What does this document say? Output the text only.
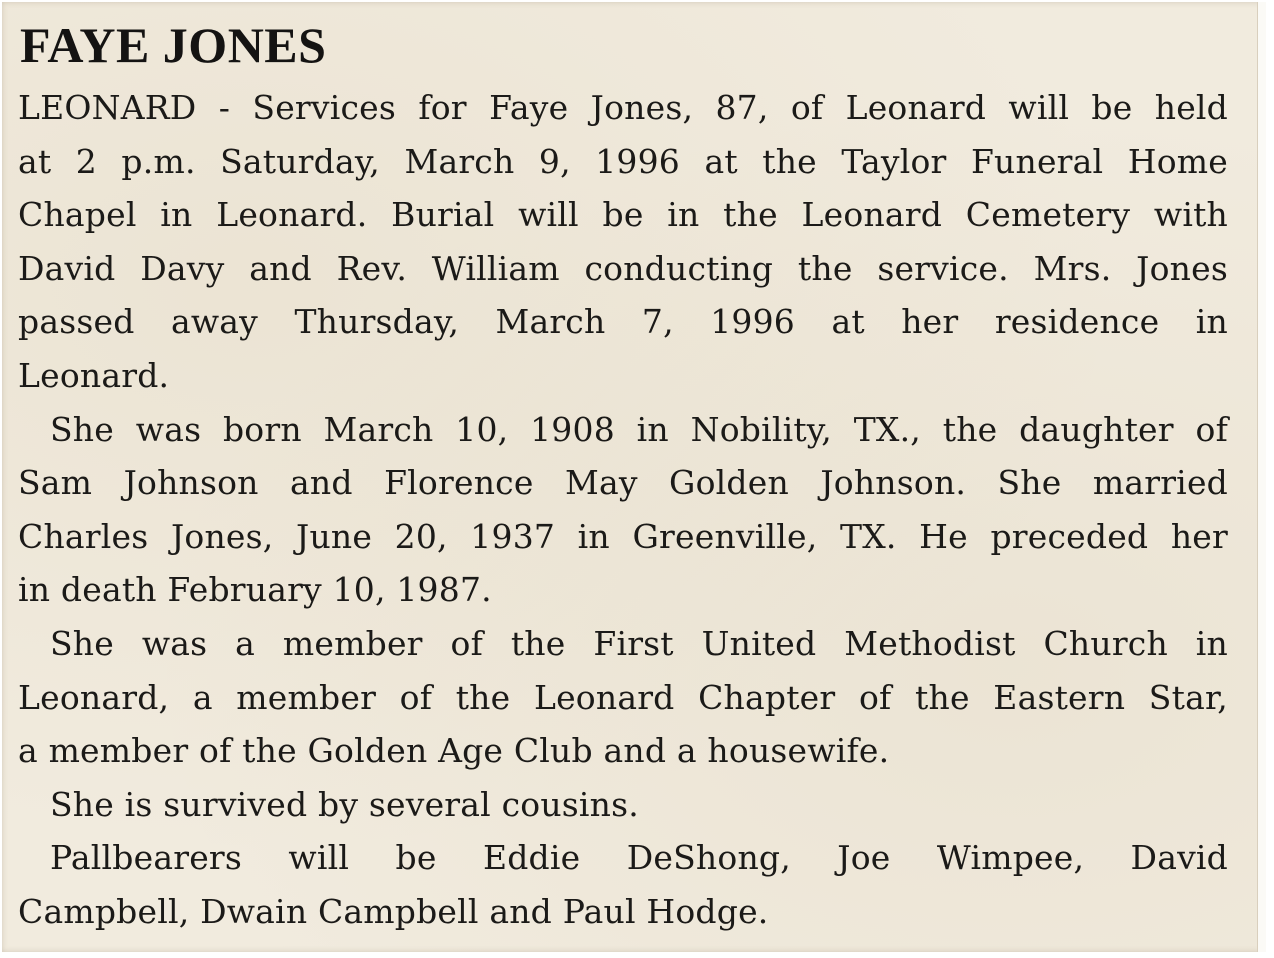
FAYE JONES
LEONARD - Services for Faye Jones, 87, of Leonard will be held
at 2 p.m. Saturday, March 9, 1996 at the Taylor Funeral Home
Chapel in Leonard. Burial will be in the Leonard Cemetery with
David Davy and Rev. William conducting the service. Mrs. Jones
passed away Thursday, March 7, 1996 at her residence in
Leonard.
She was born March 10, 1908 in Nobility, TX., the daughter of
Sam Johnson and Florence May Golden Johnson. She married
Charles Jones, June 20, 1937 in Greenville, TX. He preceded her
in death February 10, 1987.
She was a member of the First United Methodist Church in
Leonard, a member of the Leonard Chapter of the Eastern Star,
a member of the Golden Age Club and a housewife.
She is survived by several cousins.
Pallbearers will be Eddie DeShong, Joe Wimpee, David
Campbell, Dwain Campbell and Paul Hodge.
